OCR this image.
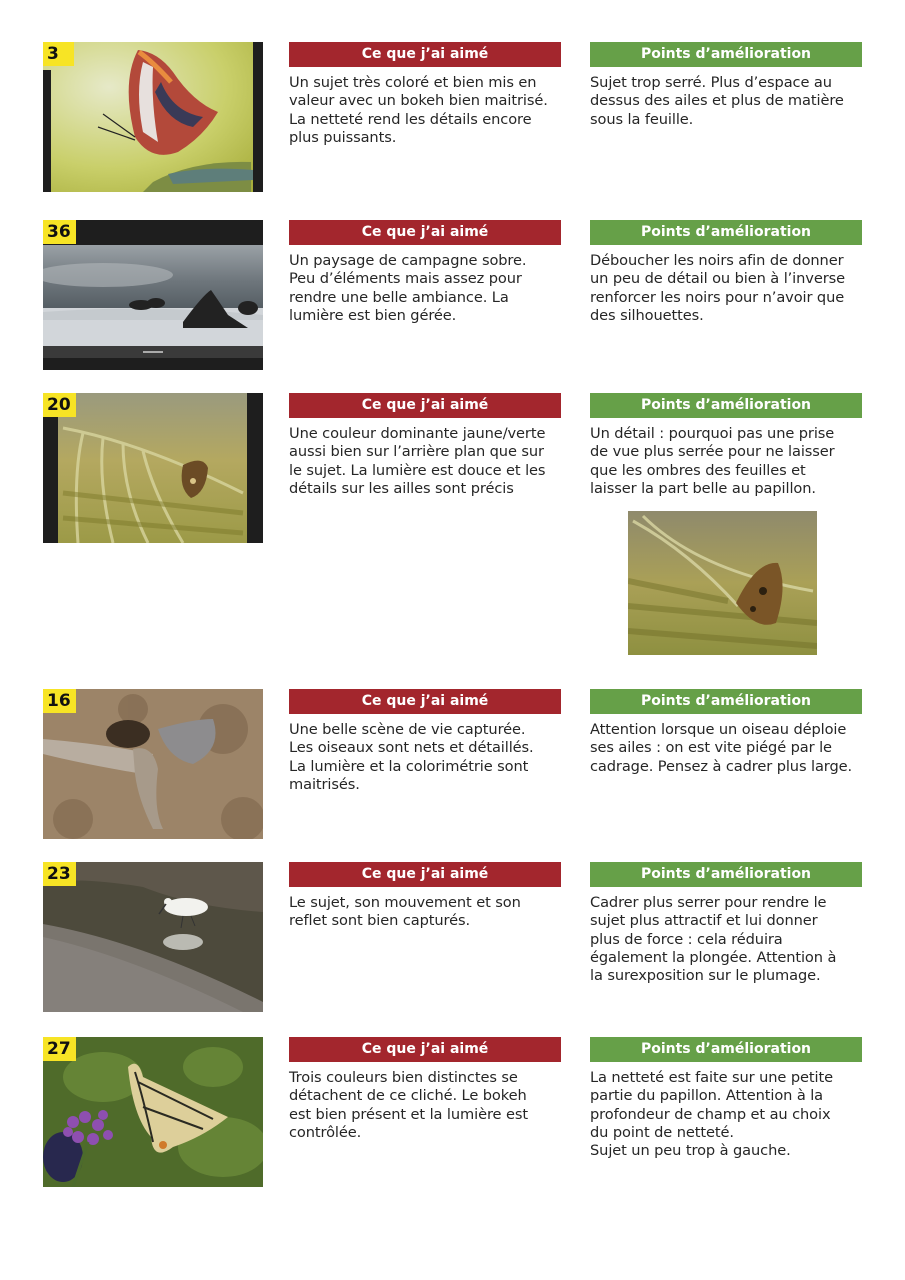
3	Ce que j’ai aimé
Un sujet très coloré et bien mis en
valeur avec un bokeh bien maitrisé.
La netteté rend les détails encore
plus puissants.
Points d’amélioration
Sujet trop serré. Plus d’espace au
dessus des ailes et plus de matière
sous la feuille.
36	Ce que j’ai aimé
Un paysage de campagne sobre.
Peu d’éléments mais assez pour
rendre une belle ambiance. La
lumière est bien gérée.
Points d’amélioration
Déboucher les noirs afin de donner
un peu de détail ou bien à l’inverse
renforcer les noirs pour n’avoir que
des silhouettes.
20	Ce que j’ai aimé
Une couleur dominante jaune/verte
aussi bien sur l’arrière plan que sur
le sujet. La lumière est douce et les
détails sur les ailles sont précis
Points d’amélioration
Un détail : pourquoi pas une prise
de vue plus serrée pour ne laisser
que les ombres des feuilles et
laisser la part belle au papillon.
16	Ce que j’ai aimé
Une belle scène de vie capturée.
Les oiseaux sont nets et détaillés.
La lumière et la colorimétrie sont
maitrisés.
Points d’amélioration
Attention lorsque un oiseau déploie
ses ailes : on est vite piégé par le
cadrage. Pensez à cadrer plus large.
23	Ce que j’ai aimé
Le sujet, son mouvement et son
reflet sont bien capturés.
Points d’amélioration
Cadrer plus serrer pour rendre le
sujet plus attractif et lui donner
plus de force : cela réduira
également la plongée. Attention à
la surexposition sur le plumage.
27	Ce que j’ai aimé
Trois couleurs bien distinctes se
détachent de ce cliché. Le bokeh
est bien présent et la lumière est
contrôlée.
Points d’amélioration
La netteté est faite sur une petite
partie du papillon. Attention à la
profondeur de champ et au choix
du point de netteté.
Sujet un peu trop à gauche.
